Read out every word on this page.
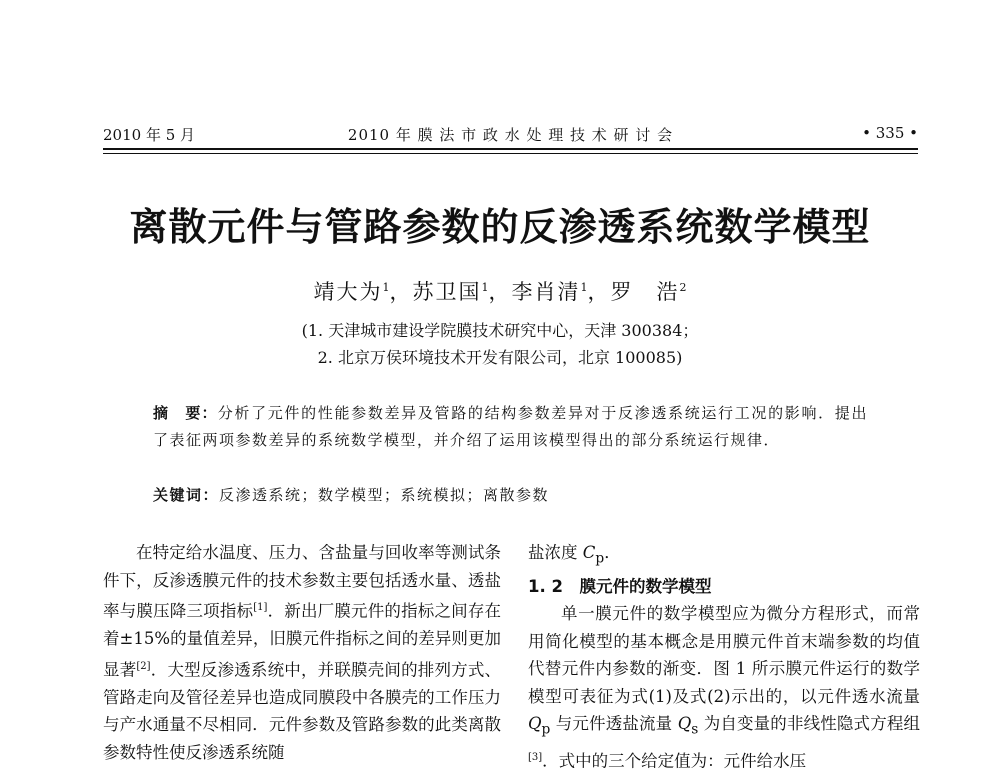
2010 年 5 月	2010 年 膜 法 市 政 水 处 理 技 术 研 讨 会	• 335 •
离散元件与管路参数的反渗透系统数学模型
靖大为$^1$，苏卫国$^1$，李肖清$^1$，罗　浩$^2$
(1. 天津城市建设学院膜技术研究中心，天津 300384；
2. 北京万侯环境技术开发有限公司，北京 100085)
摘　要：分析了元件的性能参数差异及管路的结构参数差异对于反渗透系统运行工况的影响．提出了表征两项参数差异的系统数学模型，并介绍了运用该模型得出的部分系统运行规律．
关键词：反渗透系统；数学模型；系统模拟；离散参数

在特定给水温度、压力、含盐量与回收率等测试条件下，反渗透膜元件的技术参数主要包括透水量、透盐率与膜压降三项指标[1]．新出厂膜元件的指标之间存在着±15%的量值差异，旧膜元件指标之间的差异则更加显著[2]．大型反渗透系统中，并联膜壳间的排列方式、管路走向及管径差异也造成同膜段中各膜壳的工作压力与产水通量不尽相同．元件参数及管路参数的此类离散参数特性使反渗透系统随

盐浓度 $C_p$．

1. 2　 膜元件的数学模型

单一膜元件的数学模型应为微分方程形式，而常用简化模型的基本概念是用膜元件首末端参数的均值代替元件内参数的渐变．图 1 所示膜元件运行的数学模型可表征为式(1)及式(2)示出的，以元件透水流量 $Q_p$ 与元件透盐流量 $Q_s$ 为自变量的非线性隐式方程组[3]．式中的三个给定值为：元件给水压
